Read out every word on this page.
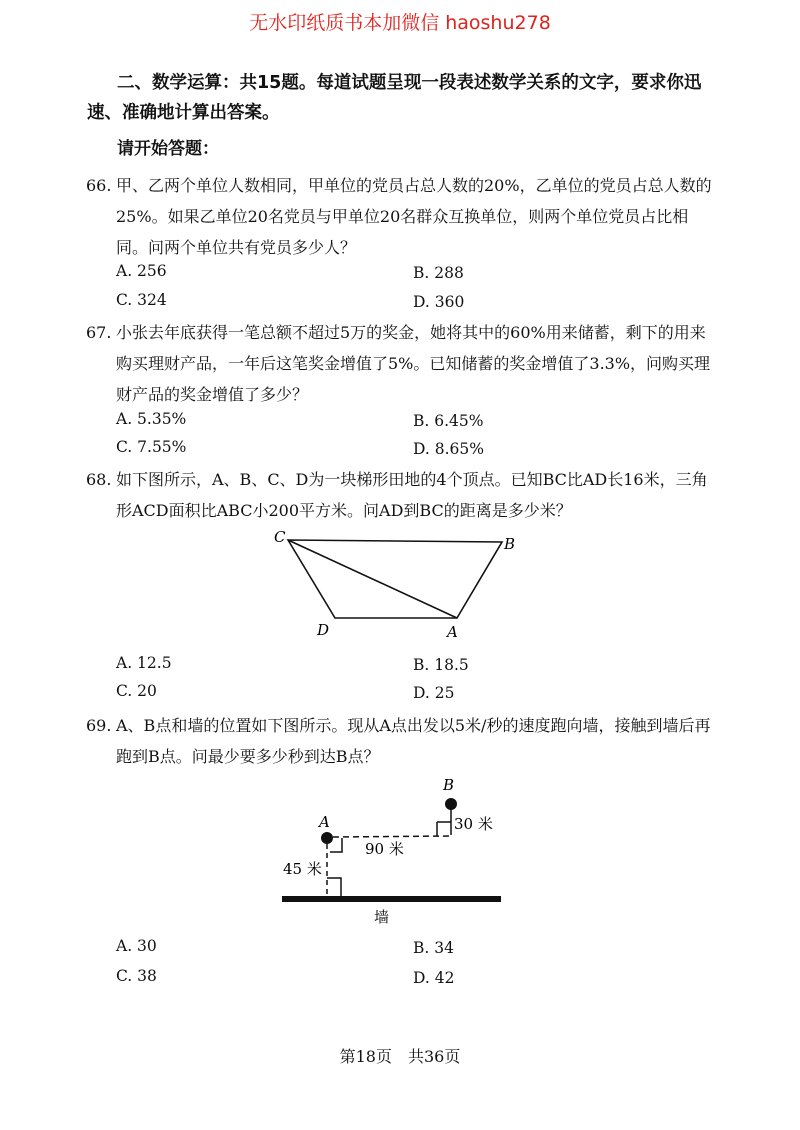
无水印纸质书本加微信 haoshu278
二、数学运算：共15题。每道试题呈现一段表述数学关系的文字，要求你迅速、准确地计算出答案。
请开始答题：
66. 甲、乙两个单位人数相同，甲单位的党员占总人数的20%，乙单位的党员占总人数的25%。如果乙单位20名党员与甲单位20名群众互换单位，则两个单位党员占比相同。问两个单位共有党员多少人？
A. 256	B. 288
C. 324	D. 360
67. 小张去年底获得一笔总额不超过5万的奖金，她将其中的60%用来储蓄，剩下的用来购买理财产品，一年后这笔奖金增值了5%。已知储蓄的奖金增值了3.3%，问购买理财产品的奖金增值了多少？
A. 5.35%	B. 6.45%
C. 7.55%	D. 8.65%
68. 如下图所示，A、B、C、D为一块梯形田地的4个顶点。已知BC比AD长16米，三角形ACD面积比ABC小200平方米。问AD到BC的距离是多少米？
C	B
D	A
A. 12.5	B. 18.5
C. 20	D. 25
69. A、B点和墙的位置如下图所示。现从A点出发以5米/秒的速度跑向墙，接触到墙后再跑到B点。问最少要多少秒到达B点？
B
30 米
A
90 米
45 米
墙
A. 30	B. 34
C. 38	D. 42
第18页　共36页
